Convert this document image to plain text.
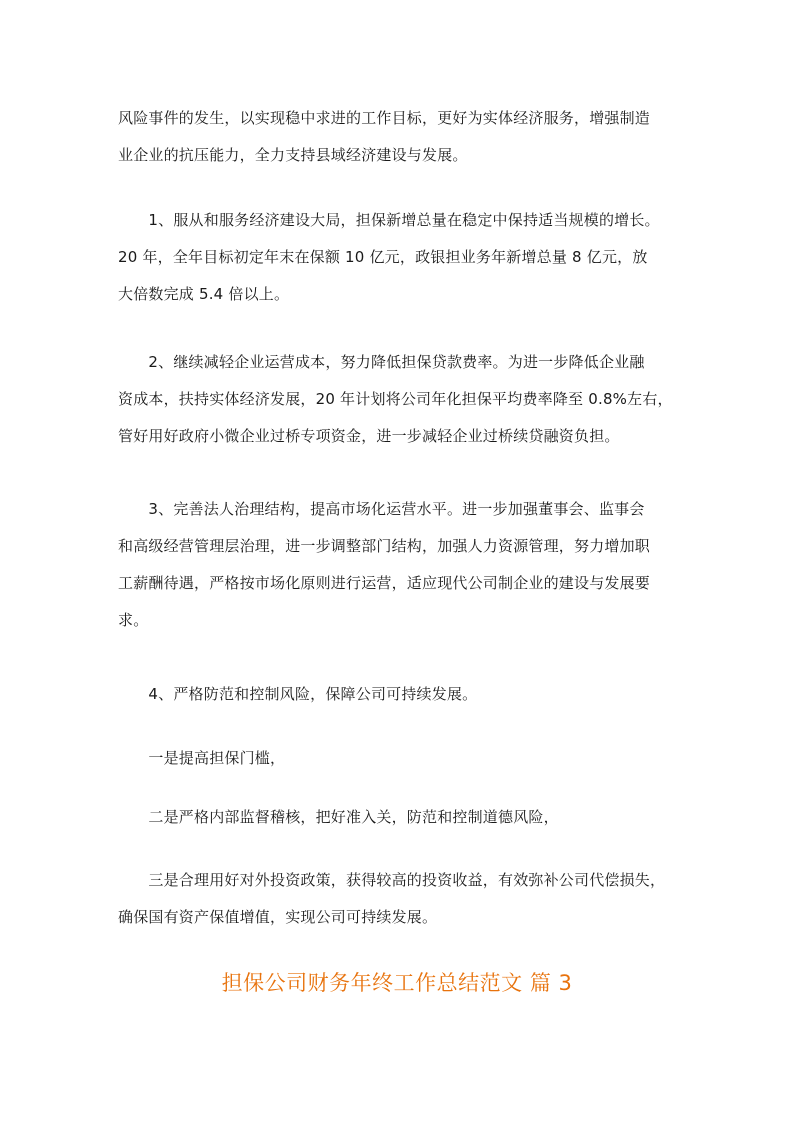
风险事件的发生，以实现稳中求进的工作目标，更好为实体经济服务，增强制造
业企业的抗压能力，全力支持县域经济建设与发展。

　　1、服从和服务经济建设大局，担保新增总量在稳定中保持适当规模的增长。
20 年，全年目标初定年末在保额 10 亿元，政银担业务年新增总量 8 亿元，放
大倍数完成 5.4 倍以上。

　　2、继续减轻企业运营成本，努力降低担保贷款费率。为进一步降低企业融
资成本，扶持实体经济发展，20 年计划将公司年化担保平均费率降至 0.8%左右，
管好用好政府小微企业过桥专项资金，进一步减轻企业过桥续贷融资负担。

　　3、完善法人治理结构，提高市场化运营水平。进一步加强董事会、监事会
和高级经营管理层治理，进一步调整部门结构，加强人力资源管理，努力增加职
工薪酬待遇，严格按市场化原则进行运营，适应现代公司制企业的建设与发展要
求。

　　4、严格防范和控制风险，保障公司可持续发展。

　　一是提高担保门槛，

　　二是严格内部监督稽核，把好准入关，防范和控制道德风险，

　　三是合理用好对外投资政策，获得较高的投资收益，有效弥补公司代偿损失，
确保国有资产保值增值，实现公司可持续发展。

担保公司财务年终工作总结范文 篇 3
